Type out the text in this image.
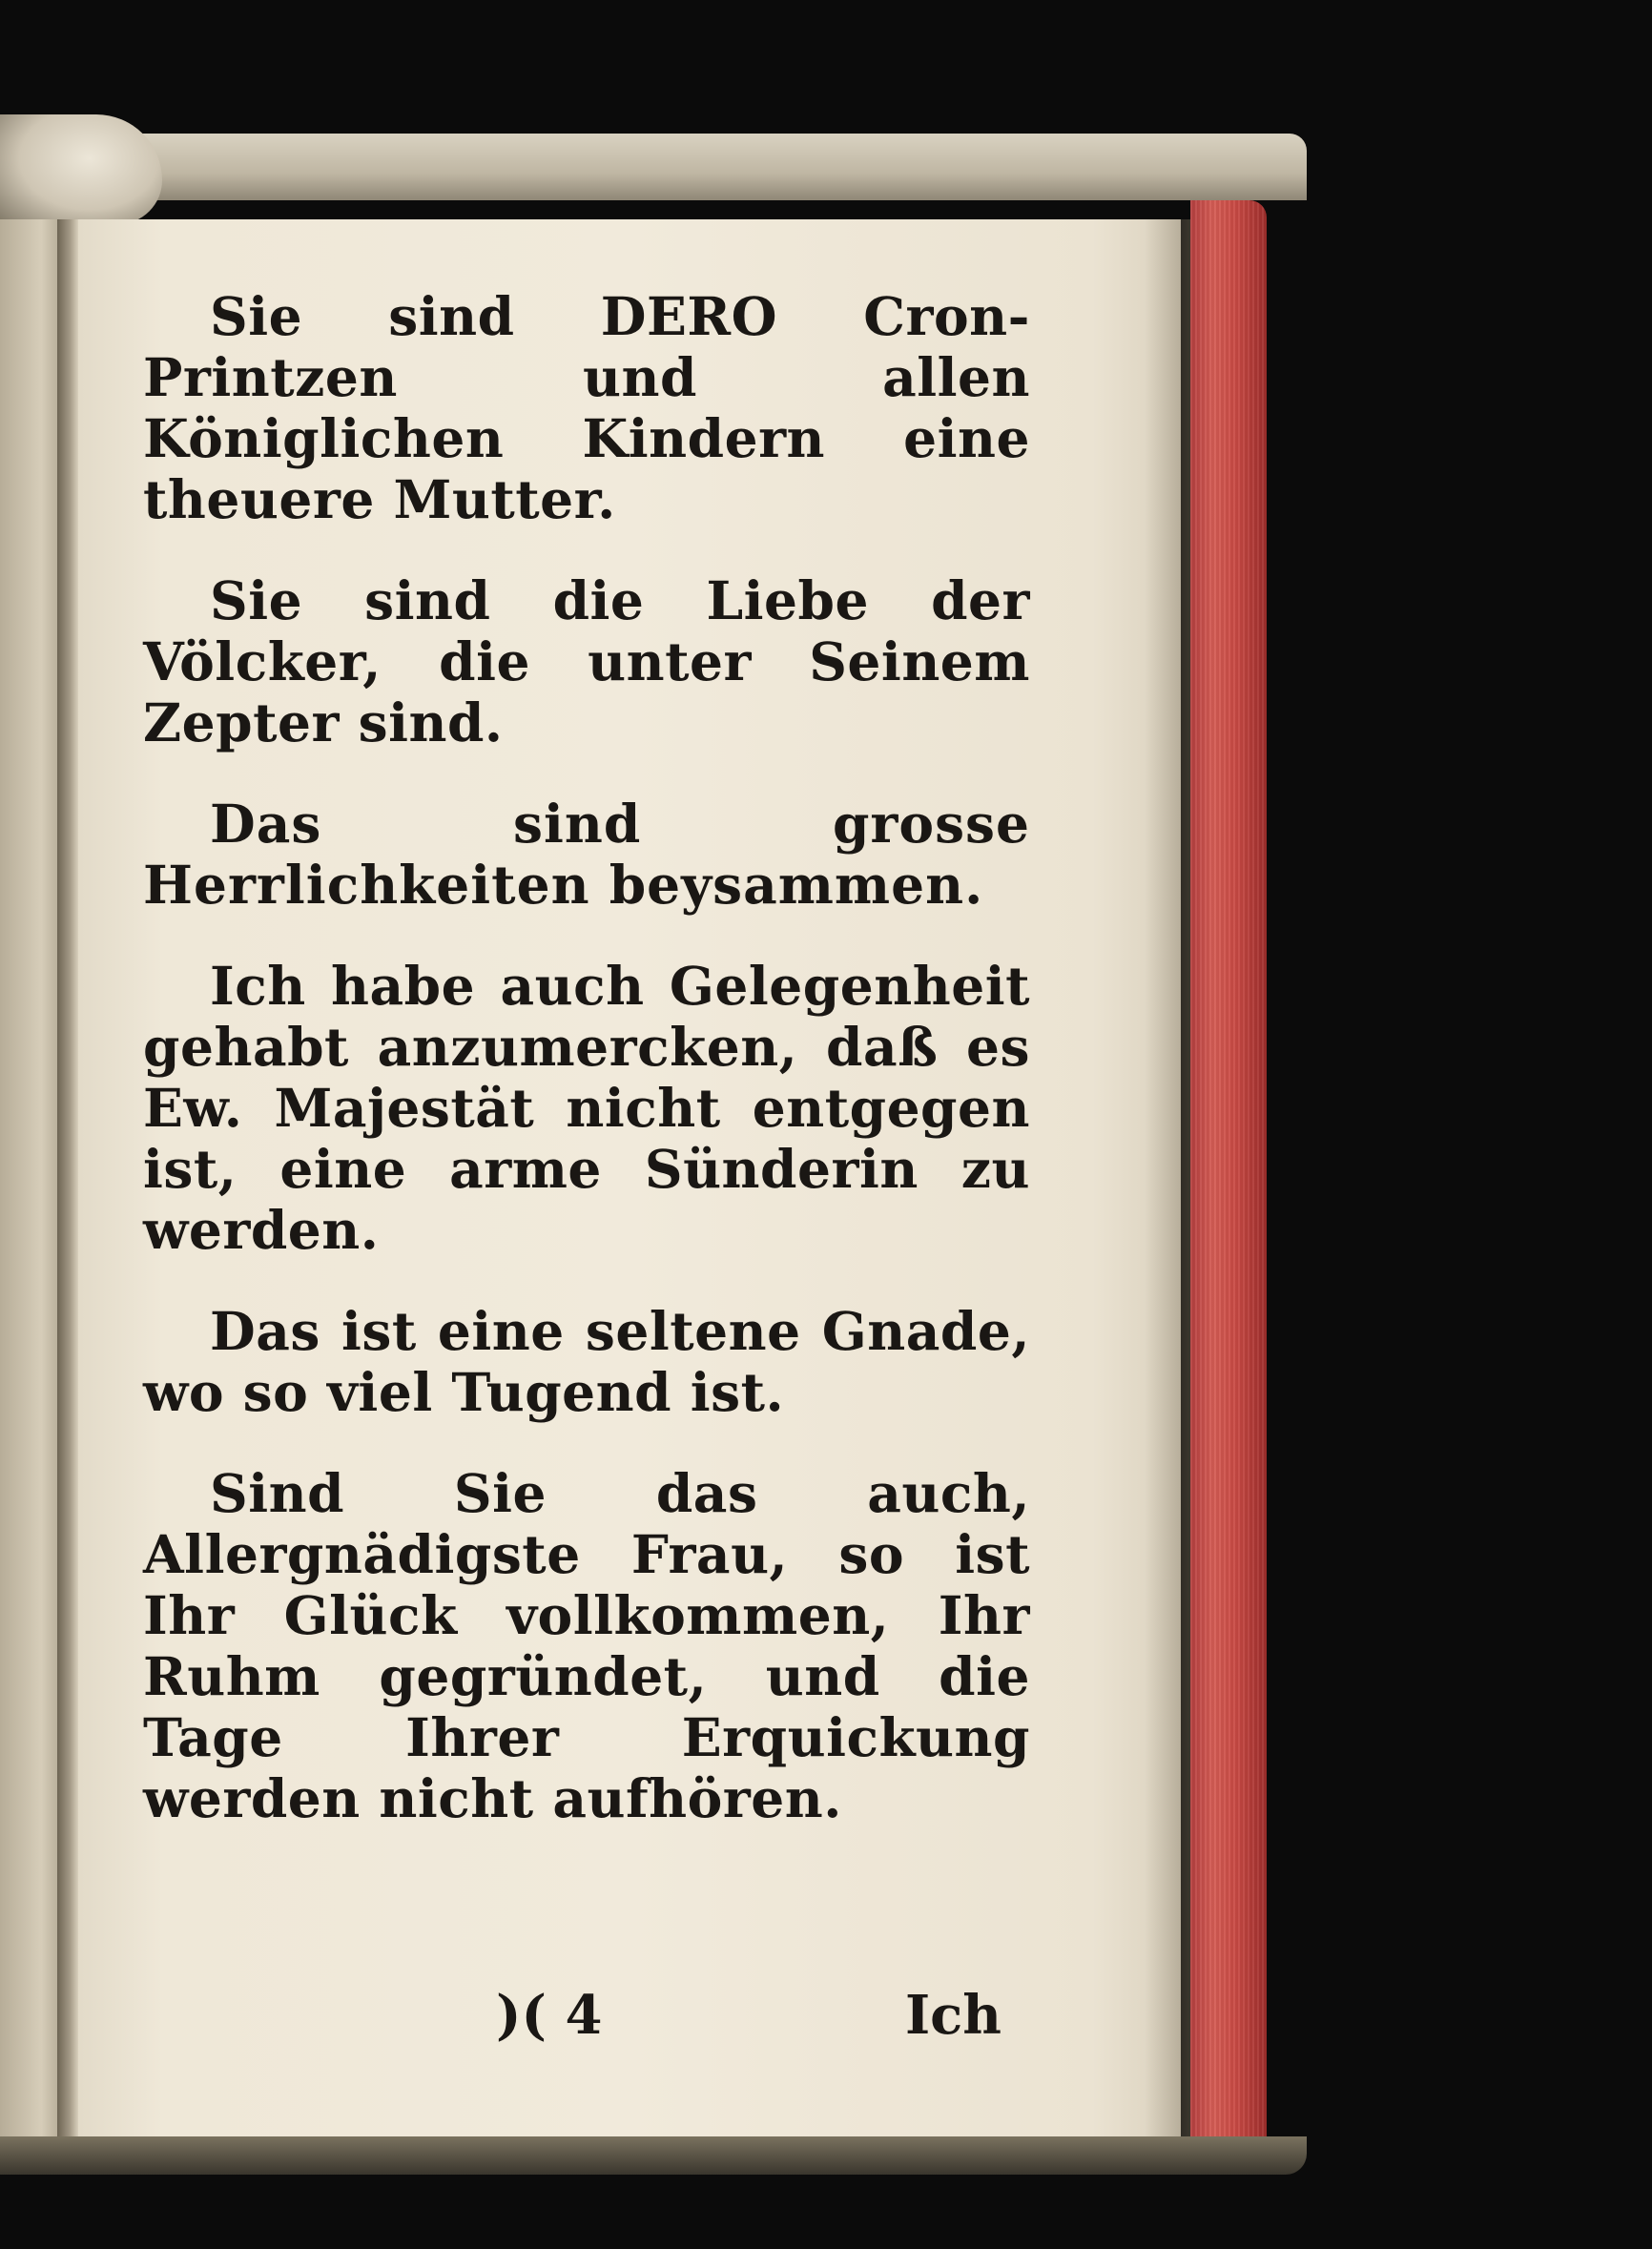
Sie sind DERO Cron-Printzen und allen Königlichen Kindern eine theuere Mutter.

Sie sind die Liebe der Völcker, die unter Seinem Zepter sind.

Das sind grosse Herrlichkeiten beysammen.

Ich habe auch Gelegenheit gehabt anzumercken, daß es Ew. Majestät nicht entgegen ist, eine arme Sünderin zu werden.

Das ist eine seltene Gnade, wo so viel Tugend ist.

Sind Sie das auch, Allergnädigste Frau, so ist Ihr Glück vollkommen, Ihr Ruhm gegründet, und die Tage Ihrer Erquickung werden nicht aufhören.

)( 4	Ich
